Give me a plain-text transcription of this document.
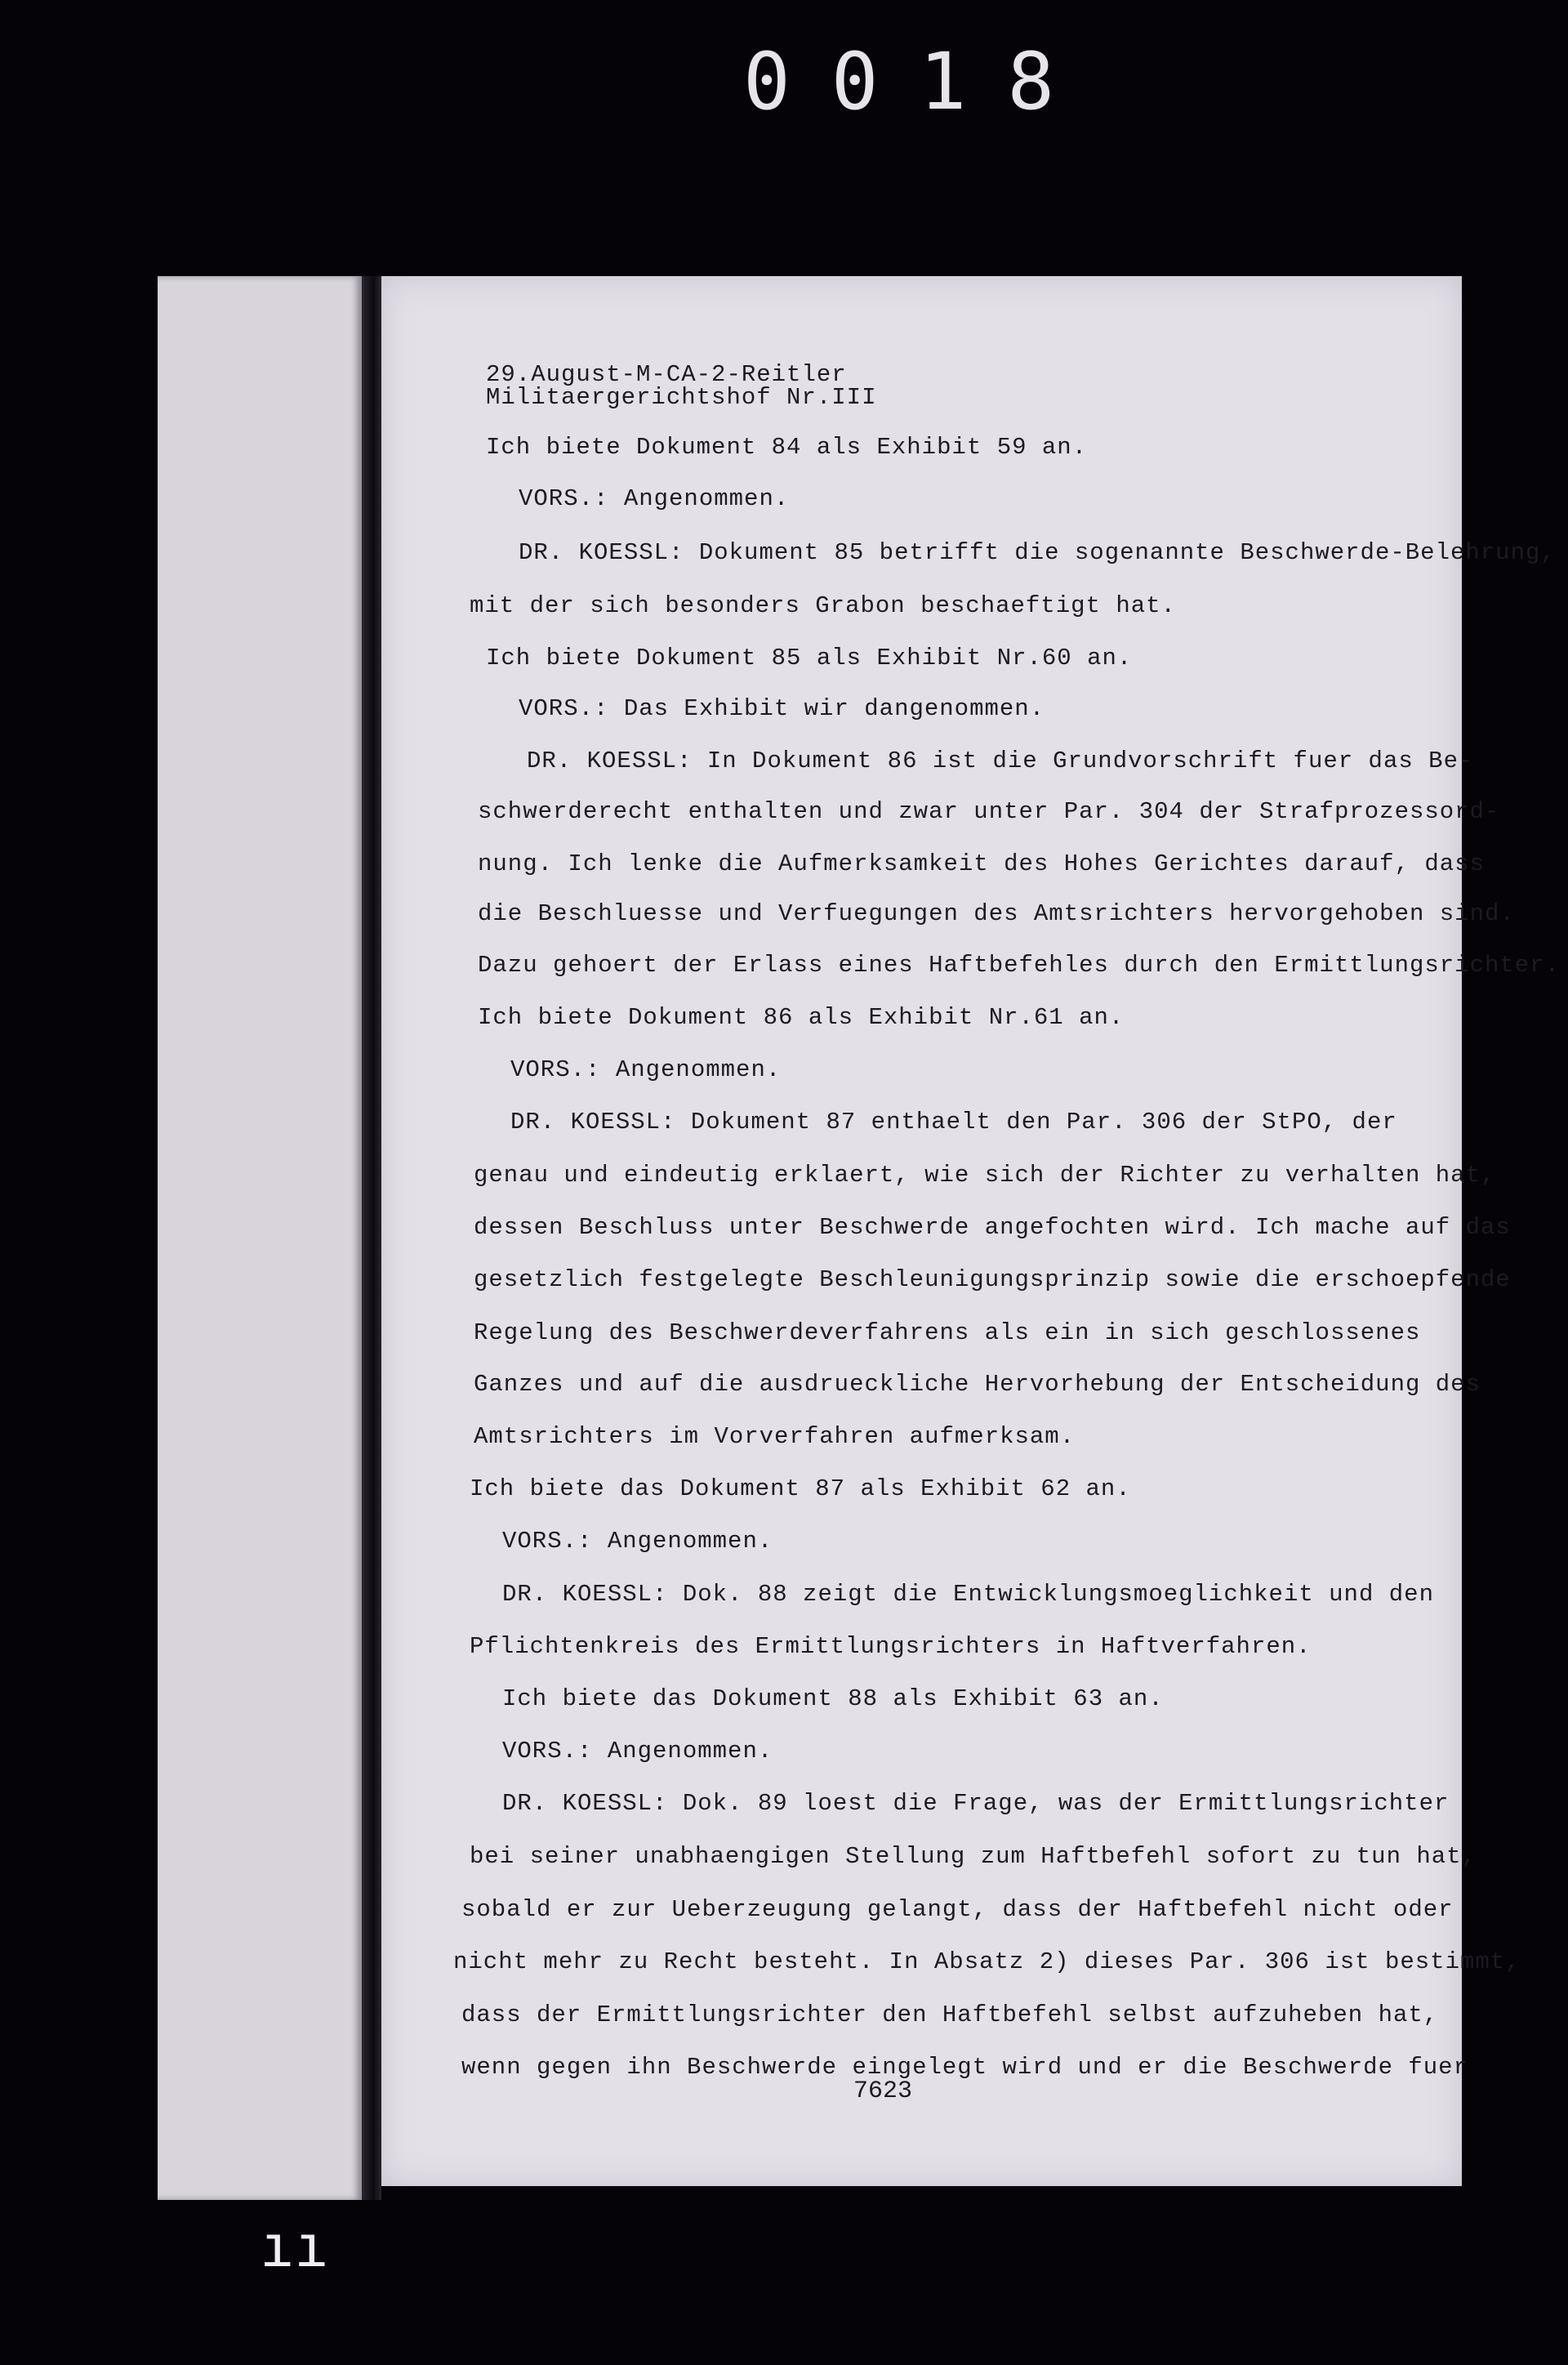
0018
29.August-M-CA-2-Reitler
Militaergerichtshof Nr.III
Ich biete Dokument 84 als Exhibit 59 an.
VORS.: Angenommen.
DR. KOESSL: Dokument 85 betrifft die sogenannte Beschwerde-Belehrung,
mit der sich besonders Grabon beschaeftigt hat.
Ich biete Dokument 85 als Exhibit Nr.60 an.
VORS.: Das Exhibit wir dangenommen.
DR. KOESSL: In Dokument 86 ist die Grundvorschrift fuer das Be-
schwerderecht enthalten und zwar unter Par. 304 der Strafprozessord-
nung. Ich lenke die Aufmerksamkeit des Hohes Gerichtes darauf, dass
die Beschluesse und Verfuegungen des Amtsrichters hervorgehoben sind.
Dazu gehoert der Erlass eines Haftbefehles durch den Ermittlungsrichter.
Ich biete Dokument 86 als Exhibit Nr.61 an.
VORS.: Angenommen.
DR. KOESSL: Dokument 87 enthaelt den Par. 306 der StPO, der
genau und eindeutig erklaert, wie sich der Richter zu verhalten hat,
dessen Beschluss unter Beschwerde angefochten wird. Ich mache auf das
gesetzlich festgelegte Beschleunigungsprinzip sowie die erschoepfende
Regelung des Beschwerdeverfahrens als ein in sich geschlossenes
Ganzes und auf die ausdrueckliche Hervorhebung der Entscheidung des
Amtsrichters im Vorverfahren aufmerksam.
Ich biete das Dokument 87 als Exhibit 62 an.
VORS.: Angenommen.
DR. KOESSL: Dok. 88 zeigt die Entwicklungsmoeglichkeit und den
Pflichtenkreis des Ermittlungsrichters in Haftverfahren.
Ich biete das Dokument 88 als Exhibit 63 an.
VORS.: Angenommen.
DR. KOESSL: Dok. 89 loest die Frage, was der Ermittlungsrichter
bei seiner unabhaengigen Stellung zum Haftbefehl sofort zu tun hat,
sobald er zur Ueberzeugung gelangt, dass der Haftbefehl nicht oder
nicht mehr zu Recht besteht. In Absatz 2) dieses Par. 306 ist bestimmt,
dass der Ermittlungsrichter den Haftbefehl selbst aufzuheben hat,
wenn gegen ihn Beschwerde eingelegt wird und er die Beschwerde fuer
7623
ıı
